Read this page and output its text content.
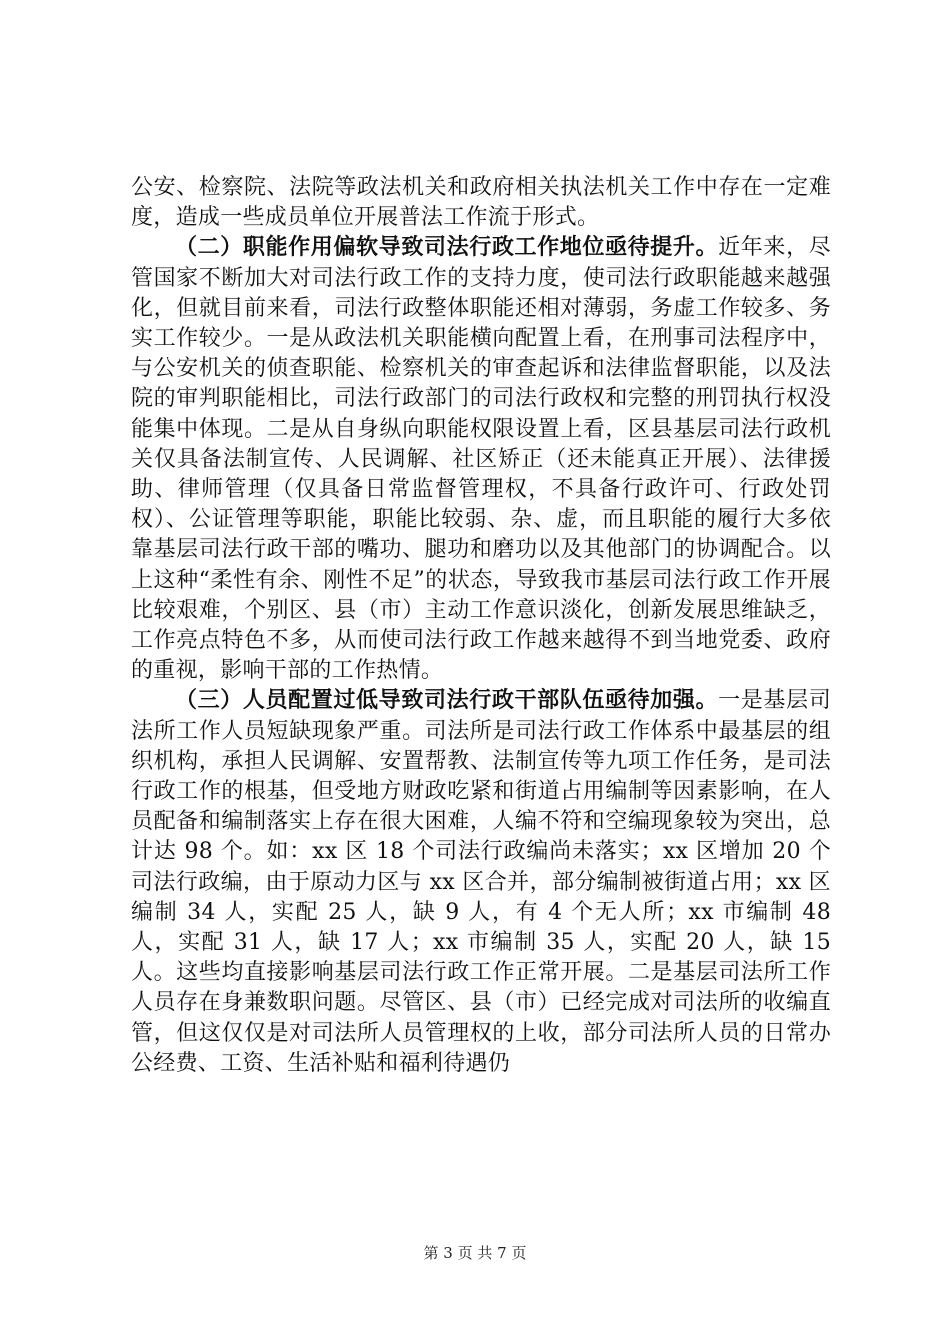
公安、检察院、法院等政法机关和政府相关执法机关工作中存在一定难度，造成一些成员单位开展普法工作流于形式。

（二）职能作用偏软导致司法行政工作地位亟待提升。近年来，尽管国家不断加大对司法行政工作的支持力度，使司法行政职能越来越强化，但就目前来看，司法行政整体职能还相对薄弱，务虚工作较多、务实工作较少。一是从政法机关职能横向配置上看，在刑事司法程序中，与公安机关的侦查职能、检察机关的审查起诉和法律监督职能，以及法院的审判职能相比，司法行政部门的司法行政权和完整的刑罚执行权没能集中体现。二是从自身纵向职能权限设置上看，区县基层司法行政机关仅具备法制宣传、人民调解、社区矫正（还未能真正开展）、法律援助、律师管理（仅具备日常监督管理权，不具备行政许可、行政处罚权）、公证管理等职能，职能比较弱、杂、虚，而且职能的履行大多依靠基层司法行政干部的嘴功、腿功和磨功以及其他部门的协调配合。以上这种“柔性有余、刚性不足”的状态，导致我市基层司法行政工作开展比较艰难，个别区、县（市）主动工作意识淡化，创新发展思维缺乏，工作亮点特色不多，从而使司法行政工作越来越得不到当地党委、政府的重视，影响干部的工作热情。

（三）人员配置过低导致司法行政干部队伍亟待加强。一是基层司法所工作人员短缺现象严重。司法所是司法行政工作体系中最基层的组织机构，承担人民调解、安置帮教、法制宣传等九项工作任务，是司法行政工作的根基，但受地方财政吃紧和街道占用编制等因素影响，在人员配备和编制落实上存在很大困难，人编不符和空编现象较为突出，总计达 98 个。如：xx 区 18 个司法行政编尚未落实；xx 区增加 20 个司法行政编，由于原动力区与 xx 区合并，部分编制被街道占用；xx 区编制 34 人，实配 25 人，缺 9 人，有 4 个无人所；xx 市编制 48 人，实配 31 人，缺 17 人；xx 市编制 35 人，实配 20 人，缺 15 人。这些均直接影响基层司法行政工作正常开展。二是基层司法所工作人员存在身兼数职问题。尽管区、县（市）已经完成对司法所的收编直管，但这仅仅是对司法所人员管理权的上收，部分司法所人员的日常办公经费、工资、生活补贴和福利待遇仍

第 3 页 共 7 页
